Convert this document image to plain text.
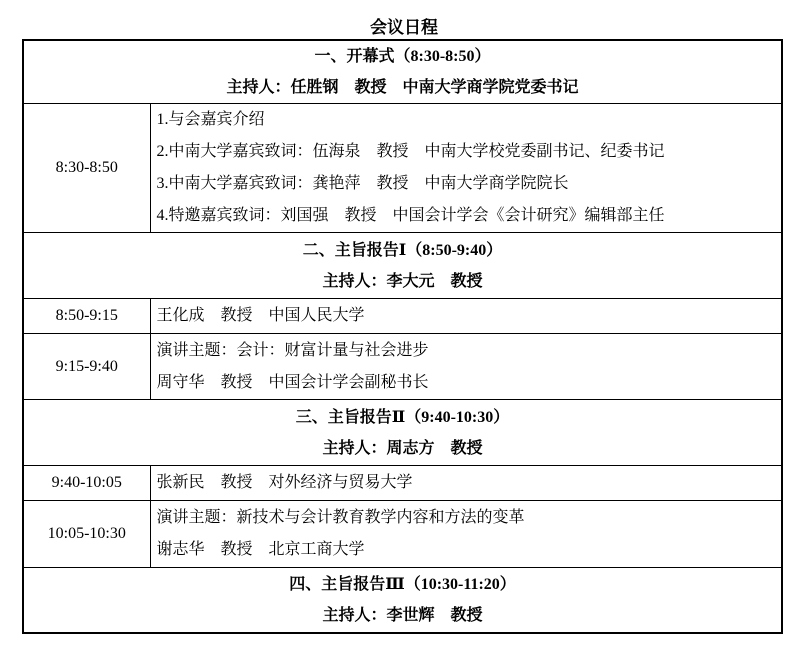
会议日程
一、开幕式（8:30-8:50）
主持人：任胜钢　教授　中南大学商学院党委书记	

8:30-8:50	1.与会嘉宾介绍
2.中南大学嘉宾致词：伍海泉　教授　中南大学校党委副书记、纪委书记
3.中南大学嘉宾致词：龚艳萍　教授　中南大学商学院院长
4.特邀嘉宾致词：刘国强　教授　中国会计学会《会计研究》编辑部主任

二、主旨报告Ⅰ（8:50-9:40）
主持人：李大元　教授	

8:50-9:15	王化成　教授　中国人民大学

9:15-9:40	演讲主题：会计：财富计量与社会进步
周守华　教授　中国会计学会副秘书长

三、主旨报告Ⅱ（9:40-10:30）
主持人：周志方　教授	

9:40-10:05	张新民　教授　对外经济与贸易大学

10:05-10:30	演讲主题：新技术与会计教育教学内容和方法的变革
谢志华　教授　北京工商大学

四、主旨报告Ⅲ（10:30-11:20）
主持人：李世辉　教授	
